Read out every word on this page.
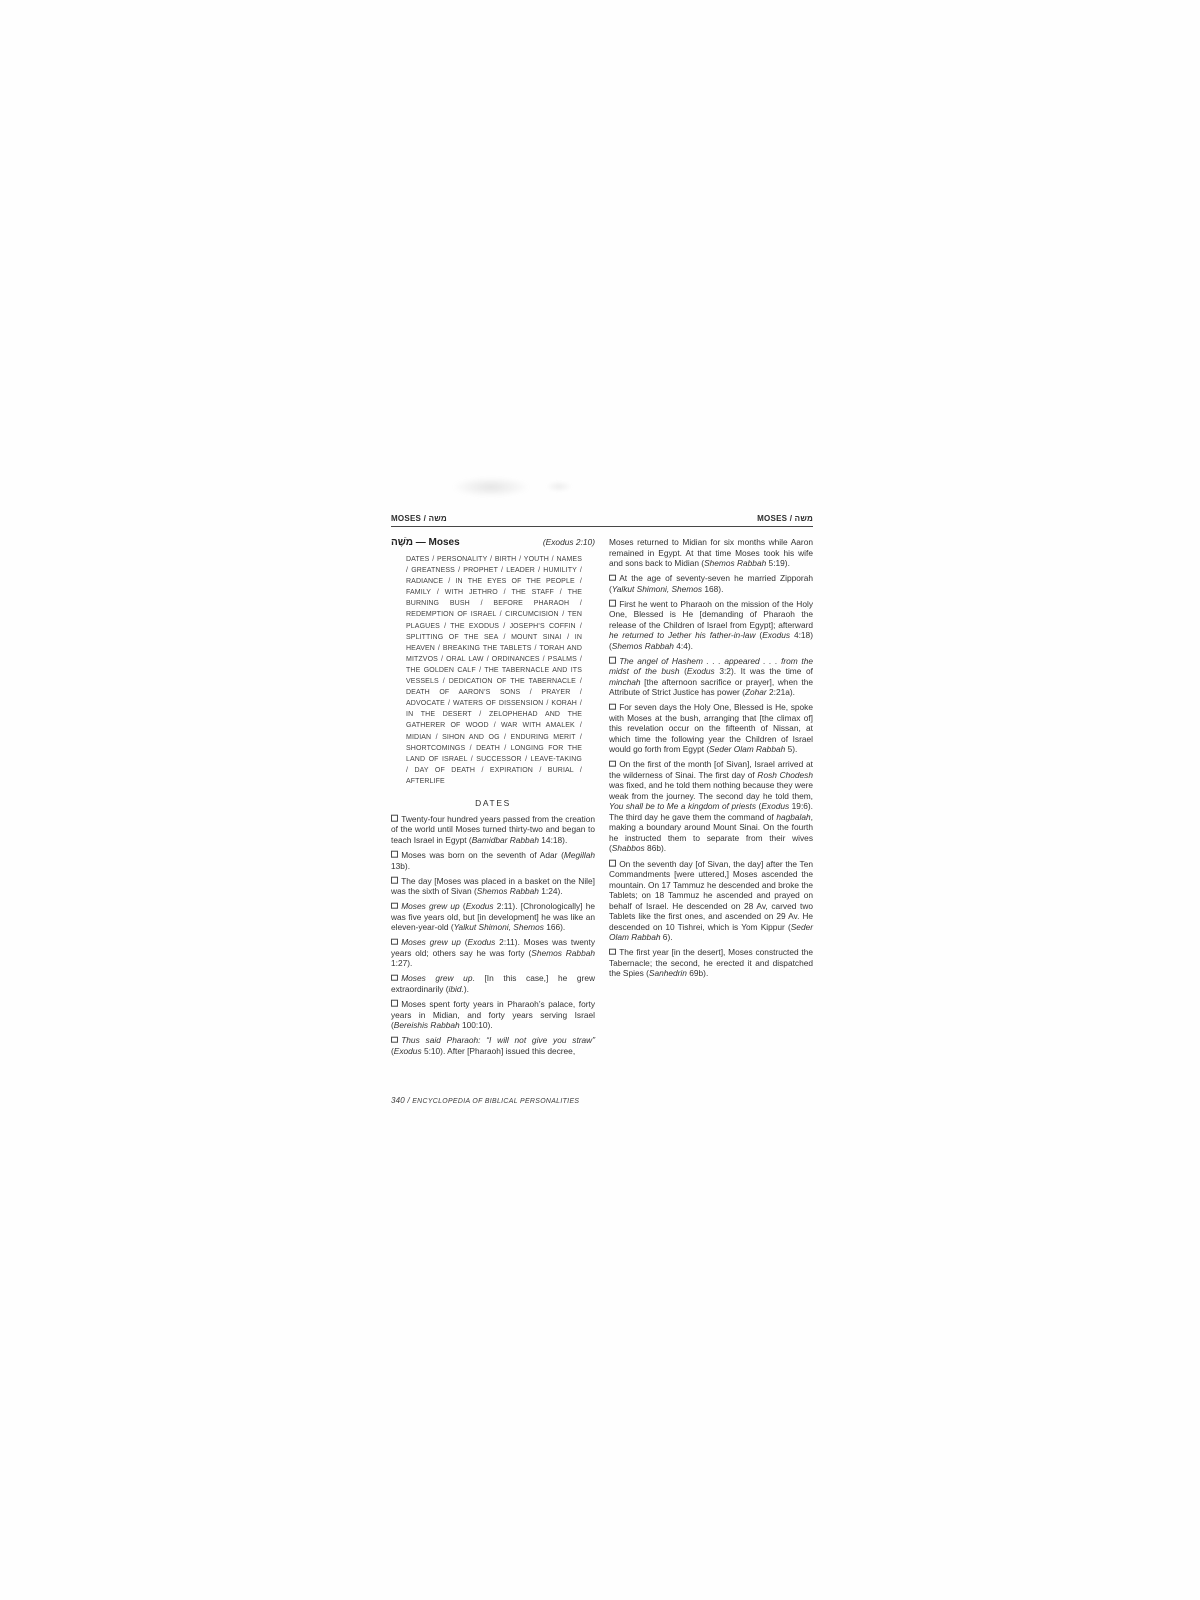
MOSES / משה	MOSES / משה
מֹשֶׁה — Moses	(Exodus 2:10)
DATES / PERSONALITY / BIRTH / YOUTH / NAMES / GREATNESS / PROPHET / LEADER / HUMILITY / RADIANCE / IN THE EYES OF THE PEOPLE / FAMILY / WITH JETHRO / THE STAFF / THE BURNING BUSH / BEFORE PHARAOH / REDEMPTION OF ISRAEL / CIRCUMCISION / TEN PLAGUES / THE EXODUS / JOSEPH’S COFFIN / SPLITTING OF THE SEA / MOUNT SINAI / IN HEAVEN / BREAKING THE TABLETS / TORAH AND MITZVOS / ORAL LAW / ORDINANCES / PSALMS / THE GOLDEN CALF / THE TABERNACLE AND ITS VESSELS / DEDICATION OF THE TABERNACLE / DEATH OF AARON’S SONS / PRAYER / ADVOCATE / WATERS OF DISSENSION / KORAH / IN THE DESERT / ZELOPHEHAD AND THE GATHERER OF WOOD / WAR WITH AMALEK / MIDIAN / SIHON AND OG / ENDURING MERIT / SHORTCOMINGS / DEATH / LONGING FOR THE LAND OF ISRAEL / SUCCESSOR / LEAVE-TAKING / DAY OF DEATH / EXPIRATION / BURIAL / AFTERLIFE
DATES

Twenty-four hundred years passed from the creation of the world until Moses turned thirty-two and began to teach Israel in Egypt (Bamidbar Rabbah 14:18).

Moses was born on the seventh of Adar (Megillah 13b).

The day [Moses was placed in a basket on the Nile] was the sixth of Sivan (Shemos Rabbah 1:24).

Moses grew up (Exodus 2:11). [Chronologically] he was five years old, but [in development] he was like an eleven-year-old (Yalkut Shimoni, Shemos 166).

Moses grew up (Exodus 2:11). Moses was twenty years old; others say he was forty (Shemos Rabbah 1:27).

Moses grew up. [In this case,] he grew extraordinarily (ibid.).

Moses spent forty years in Pharaoh’s palace, forty years in Midian, and forty years serving Israel (Bereishis Rabbah 100:10).

Thus said Pharaoh: “I will not give you straw” (Exodus 5:10). After [Pharaoh] issued this decree,

Moses returned to Midian for six months while Aaron remained in Egypt. At that time Moses took his wife and sons back to Midian (Shemos Rabbah 5:19).

At the age of seventy-seven he married Zipporah (Yalkut Shimoni, Shemos 168).

First he went to Pharaoh on the mission of the Holy One, Blessed is He [demanding of Pharaoh the release of the Children of Israel from Egypt]; afterward he returned to Jether his father-in-law (Exodus 4:18) (Shemos Rabbah 4:4).

The angel of Hashem . . . appeared . . . from the midst of the bush (Exodus 3:2). It was the time of minchah [the afternoon sacrifice or prayer], when the Attribute of Strict Justice has power (Zohar 2:21a).

For seven days the Holy One, Blessed is He, spoke with Moses at the bush, arranging that [the climax of] this revelation occur on the fifteenth of Nissan, at which time the following year the Children of Israel would go forth from Egypt (Seder Olam Rabbah 5).

On the first of the month [of Sivan], Israel arrived at the wilderness of Sinai. The first day of Rosh Chodesh was fixed, and he told them nothing because they were weak from the journey. The second day he told them, You shall be to Me a kingdom of priests (Exodus 19:6). The third day he gave them the command of hagbalah, making a boundary around Mount Sinai. On the fourth he instructed them to separate from their wives (Shabbos 86b).

On the seventh day [of Sivan, the day] after the Ten Commandments [were uttered,] Moses ascended the mountain. On 17 Tammuz he descended and broke the Tablets; on 18 Tammuz he ascended and prayed on behalf of Israel. He descended on 28 Av, carved two Tablets like the first ones, and ascended on 29 Av. He descended on 10 Tishrei, which is Yom Kippur (Seder Olam Rabbah 6).

The first year [in the desert], Moses constructed the Tabernacle; the second, he erected it and dispatched the Spies (Sanhedrin 69b).

340 / ENCYCLOPEDIA OF BIBLICAL PERSONALITIES
